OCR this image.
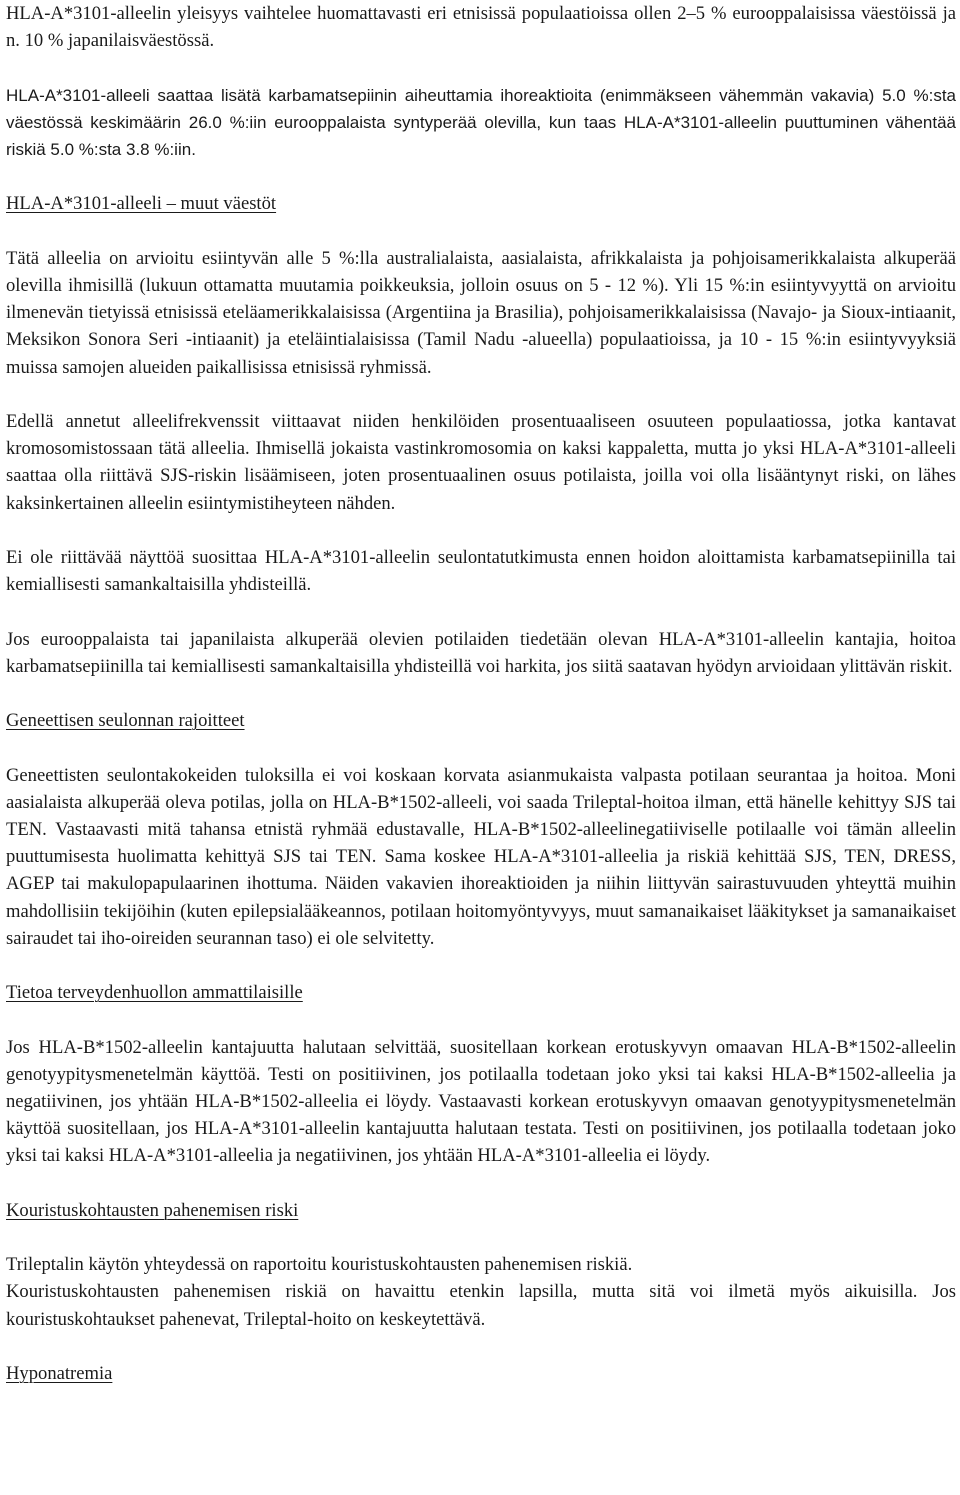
HLA-A*3101-alleelin yleisyys vaihtelee huomattavasti eri etnisissä populaatioissa ollen 2–5 % eurooppalaisissa väestöissä ja n. 10 % japanilaisväestössä.

HLA-A*3101-alleeli saattaa lisätä karbamatsepiinin aiheuttamia ihoreaktioita (enimmäkseen vähemmän vakavia) 5.0 %:sta väestössä keskimäärin 26.0 %:iin eurooppalaista syntyperää olevilla, kun taas HLA-A*3101-alleelin puuttuminen vähentää riskiä 5.0 %:sta 3.8 %:iin.

HLA-A*3101-alleeli – muut väestöt

Tätä alleelia on arvioitu esiintyvän alle 5 %:lla australialaista, aasialaista, afrikkalaista ja pohjoisamerikkalaista alkuperää olevilla ihmisillä (lukuun ottamatta muutamia poikkeuksia, jolloin osuus on 5 - 12 %). Yli 15 %:in esiintyvyyttä on arvioitu ilmenevän tietyissä etnisissä eteläamerikkalaisissa (Argentiina ja Brasilia), pohjoisamerikkalaisissa (Navajo- ja Sioux-intiaanit, Meksikon Sonora Seri -intiaanit) ja eteläintialaisissa (Tamil Nadu -alueella) populaatioissa, ja 10 - 15 %:in esiintyvyyksiä muissa samojen alueiden paikallisissa etnisissä ryhmissä.

Edellä annetut alleelifrekvenssit viittaavat niiden henkilöiden prosentuaaliseen osuuteen populaatiossa, jotka kantavat kromosomistossaan tätä alleelia. Ihmisellä jokaista vastinkromosomia on kaksi kappaletta, mutta jo yksi HLA-A*3101-alleeli saattaa olla riittävä SJS-riskin lisäämiseen, joten prosentuaalinen osuus potilaista, joilla voi olla lisääntynyt riski, on lähes kaksinkertainen alleelin esiintymistiheyteen nähden.

Ei ole riittävää näyttöä suosittaa HLA-A*3101-alleelin seulontatutkimusta ennen hoidon aloittamista karbamatsepiinilla tai kemiallisesti samankaltaisilla yhdisteillä.

Jos eurooppalaista tai japanilaista alkuperää olevien potilaiden tiedetään olevan HLA-A*3101-alleelin kantajia, hoitoa karbamatsepiinilla tai kemiallisesti samankaltaisilla yhdisteillä voi harkita, jos siitä saatavan hyödyn arvioidaan ylittävän riskit.

Geneettisen seulonnan rajoitteet

Geneettisten seulontakokeiden tuloksilla ei voi koskaan korvata asianmukaista valpasta potilaan seurantaa ja hoitoa. Moni aasialaista alkuperää oleva potilas, jolla on HLA-B*1502-alleeli, voi saada Trileptal-hoitoa ilman, että hänelle kehittyy SJS tai TEN. Vastaavasti mitä tahansa etnistä ryhmää edustavalle, HLA-B*1502-alleelinegatiiviselle potilaalle voi tämän alleelin puuttumisesta huolimatta kehittyä SJS tai TEN. Sama koskee HLA-A*3101-alleelia ja riskiä kehittää SJS, TEN, DRESS, AGEP tai makulopapulaarinen ihottuma. Näiden vakavien ihoreaktioiden ja niihin liittyvän sairastuvuuden yhteyttä muihin mahdollisiin tekijöihin (kuten epilepsialääkeannos, potilaan hoitomyöntyvyys, muut samanaikaiset lääkitykset ja samanaikaiset sairaudet tai iho-oireiden seurannan taso) ei ole selvitetty.

Tietoa terveydenhuollon ammattilaisille

Jos HLA-B*1502-alleelin kantajuutta halutaan selvittää, suositellaan korkean erotuskyvyn omaavan HLA-B*1502-alleelin genotyypitysmenetelmän käyttöä. Testi on positiivinen, jos potilaalla todetaan joko yksi tai kaksi HLA-B*1502-alleelia ja negatiivinen, jos yhtään HLA-B*1502-alleelia ei löydy. Vastaavasti korkean erotuskyvyn omaavan genotyypitysmenetelmän käyttöä suositellaan, jos HLA-A*3101-alleelin kantajuutta halutaan testata. Testi on positiivinen, jos potilaalla todetaan joko yksi tai kaksi HLA-A*3101-alleelia ja negatiivinen, jos yhtään HLA-A*3101-alleelia ei löydy.

Kouristuskohtausten pahenemisen riski

Trileptalin käytön yhteydessä on raportoitu kouristuskohtausten pahenemisen riskiä.

Kouristuskohtausten pahenemisen riskiä on havaittu etenkin lapsilla, mutta sitä voi ilmetä myös aikuisilla. Jos kouristuskohtaukset pahenevat, Trileptal-hoito on keskeytettävä.

Hyponatremia
